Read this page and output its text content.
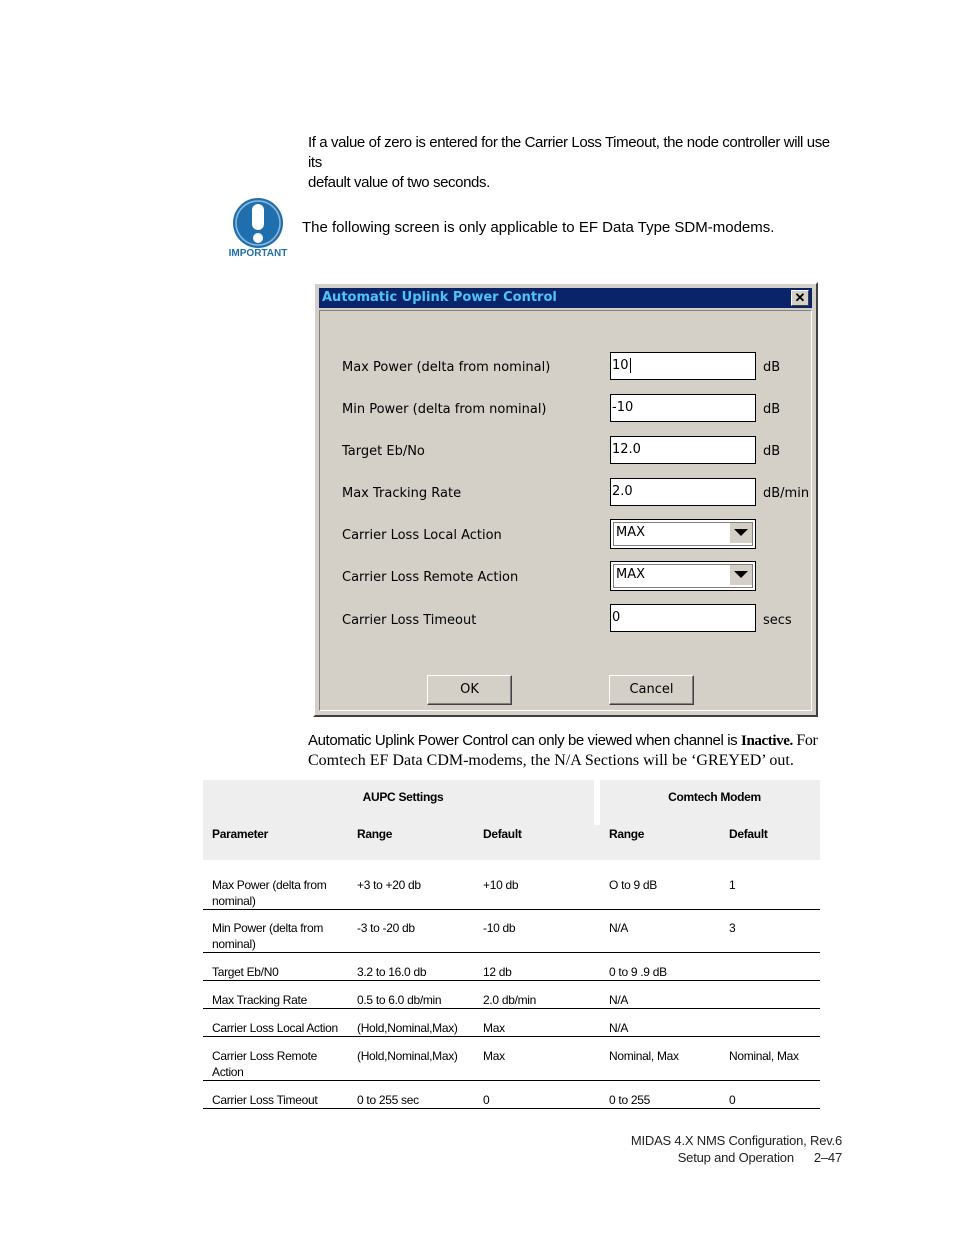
If a value of zero is entered for the Carrier Loss Timeout, the node controller will use its
default value of two seconds.
IMPORTANT
The following screen is only applicable to EF Data Type SDM-modems.
Automatic Uplink Power Control	✕
Max Power (delta from nominal)	10	dB
Min Power (delta from nominal)	-10	dB
Target Eb/No	12.0	dB
Max Tracking Rate	2.0	dB/min
Carrier Loss Local Action	MAX
Carrier Loss Remote Action	MAX
Carrier Loss Timeout	0	secs
OK	Cancel
Automatic Uplink Power Control can only be viewed when channel is Inactive. For
Comtech EF Data CDM-modems, the N/A Sections will be ‘GREYED’ out.
AUPC Settings				Comtech Modem	
Parameter	Range	Default		Range	Default

Max Power (delta from nominal)	+3 to +20 db	+10 db		O to 9 dB	1
Min Power (delta from nominal)	-3 to -20 db	-10 db		N/A	3
Target Eb/N0	3.2 to 16.0 db	12 db		0 to 9 .9 dB	
Max Tracking Rate	0.5 to 6.0 db/min	2.0 db/min		N/A	
Carrier Loss Local Action	(Hold,Nominal,Max)	Max		N/A	
Carrier Loss Remote Action	(Hold,Nominal,Max)	Max		Nominal, Max	Nominal, Max
Carrier Loss Timeout	0 to 255 sec	0		0 to 255	0
MIDAS 4.X NMS Configuration, Rev.6
Setup and Operation 2–47
